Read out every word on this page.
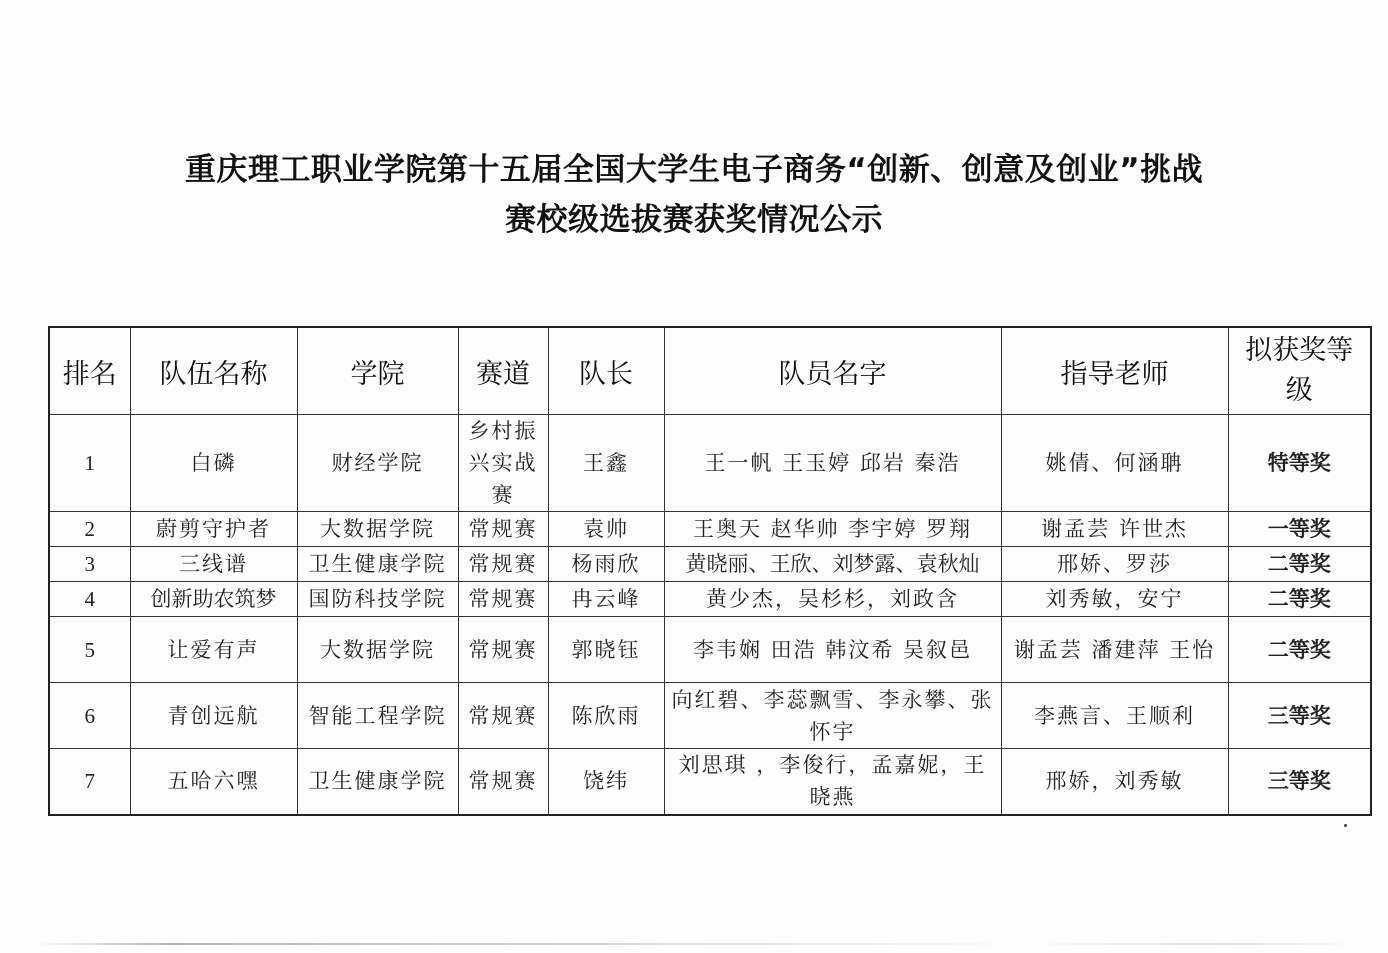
重庆理工职业学院第十五届全国大学生电子商务“创新、创意及创业”挑战
赛校级选拔赛获奖情况公示
排名	队伍名称	学院	赛道	队长	队员名字	指导老师	拟获奖等级
1	白磷	财经学院	乡村振兴实战赛	王鑫	王一帆 王玉婷 邱岩 秦浩	姚倩、何涵聃	特等奖
2	蔚剪守护者	大数据学院	常规赛	袁帅	王奥天 赵华帅 李宇婷 罗翔	谢孟芸 许世杰	一等奖
3	三线谱	卫生健康学院	常规赛	杨雨欣	黄晓丽、王欣、刘梦露、袁秋灿	邢娇、罗莎	二等奖
4	创新助农筑梦	国防科技学院	常规赛	冉云峰	黄少杰，吴杉杉，刘政含	刘秀敏，安宁	二等奖
5	让爱有声	大数据学院	常规赛	郭晓钰	李韦娴 田浩 韩汶希 吴叙邑	谢孟芸 潘建萍 王怡	二等奖
6	青创远航	智能工程学院	常规赛	陈欣雨	向红碧、李蕊飘雪、李永攀、张怀宇	李燕言、王顺利	三等奖
7	五哈六嘿	卫生健康学院	常规赛	饶纬	刘思琪 ，李俊行，孟嘉妮，王晓燕	邢娇，刘秀敏	三等奖
